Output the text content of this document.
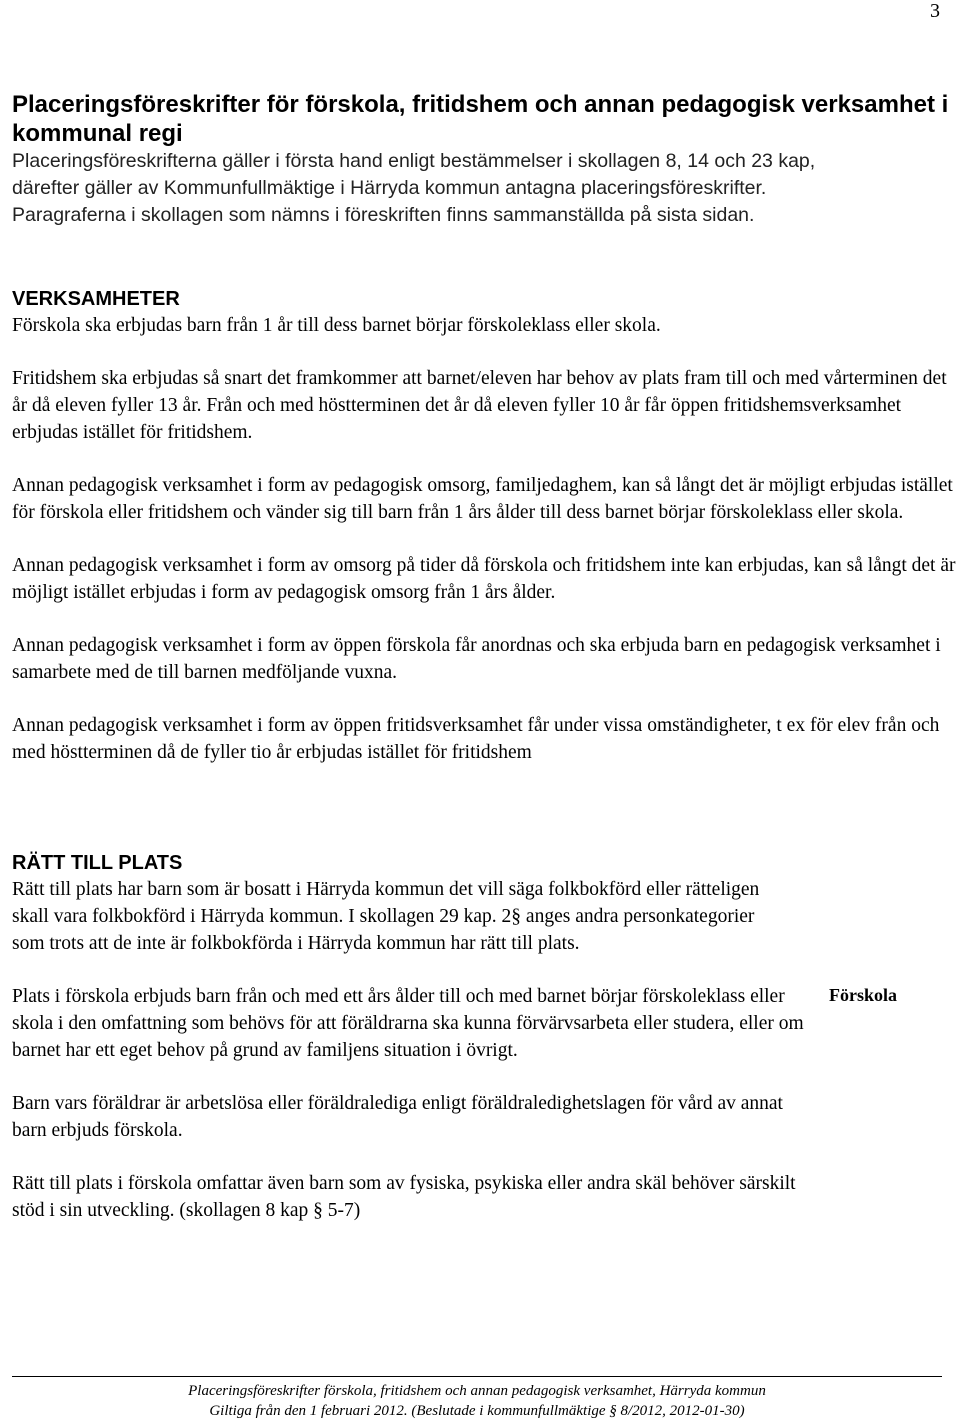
3
Placeringsföreskrifter för förskola, fritidshem och annan pedagogisk verksamhet i kommunal regi

Placeringsföreskrifterna gäller i första hand enligt bestämmelser i skollagen 8, 14 och 23 kap,

därefter gäller av Kommunfullmäktige i Härryda kommun antagna placeringsföreskrifter.

Paragraferna i skollagen som nämns i föreskriften finns sammanställda på sista sidan.

VERKSAMHETER

Förskola ska erbjudas barn från 1 år till dess barnet börjar förskoleklass eller skola.

Fritidshem ska erbjudas så snart det framkommer att barnet/eleven har behov av plats fram till och med vårterminen det år då eleven fyller 13 år. Från och med höstterminen det år då eleven fyller 10 år får öppen fritidshemsverksamhet erbjudas istället för fritidshem.

Annan pedagogisk verksamhet i form av pedagogisk omsorg, familjedaghem, kan så långt det är möjligt erbjudas istället för förskola eller fritidshem och vänder sig till barn från 1 års ålder till dess barnet börjar förskoleklass eller skola.

Annan pedagogisk verksamhet i form av omsorg på tider då förskola och fritidshem inte kan erbjudas, kan så långt det är möjligt istället erbjudas i form av pedagogisk omsorg från 1 års ålder.

Annan pedagogisk verksamhet i form av öppen förskola får anordnas och ska erbjuda barn en pedagogisk verksamhet i samarbete med de till barnen medföljande vuxna.

Annan pedagogisk verksamhet i form av öppen fritidsverksamhet får under vissa omständigheter, t ex för elev från och med höstterminen då de fyller tio år erbjudas istället för fritidshem

RÄTT TILL PLATS

Rätt till plats har barn som är bosatt i Härryda kommun det vill säga folkbokförd eller rätteligen skall vara folkbokförd i Härryda kommun. I skollagen 29 kap. 2§ anges andra personkategorier som trots att de inte är folkbokförda i Härryda kommun har rätt till plats.

Plats i förskola erbjuds barn från och med ett års ålder till och med barnet börjar förskoleklass eller skola i den omfattning som behövs för att föräldrarna ska kunna förvärvsarbeta eller studera, eller om barnet har ett eget behov på grund av familjens situation i övrigt.

Förskola

Barn vars föräldrar är arbetslösa eller föräldralediga enligt föräldraledighetslagen för vård av annat barn erbjuds förskola.

Rätt till plats i förskola omfattar även barn som av fysiska, psykiska eller andra skäl behöver särskilt stöd i sin utveckling. (skollagen 8 kap § 5-7)

Placeringsföreskrifter förskola, fritidshem och annan pedagogisk verksamhet, Härryda kommun
Giltiga från den 1 februari 2012. (Beslutade i kommunfullmäktige § 8/2012, 2012-01-30)
